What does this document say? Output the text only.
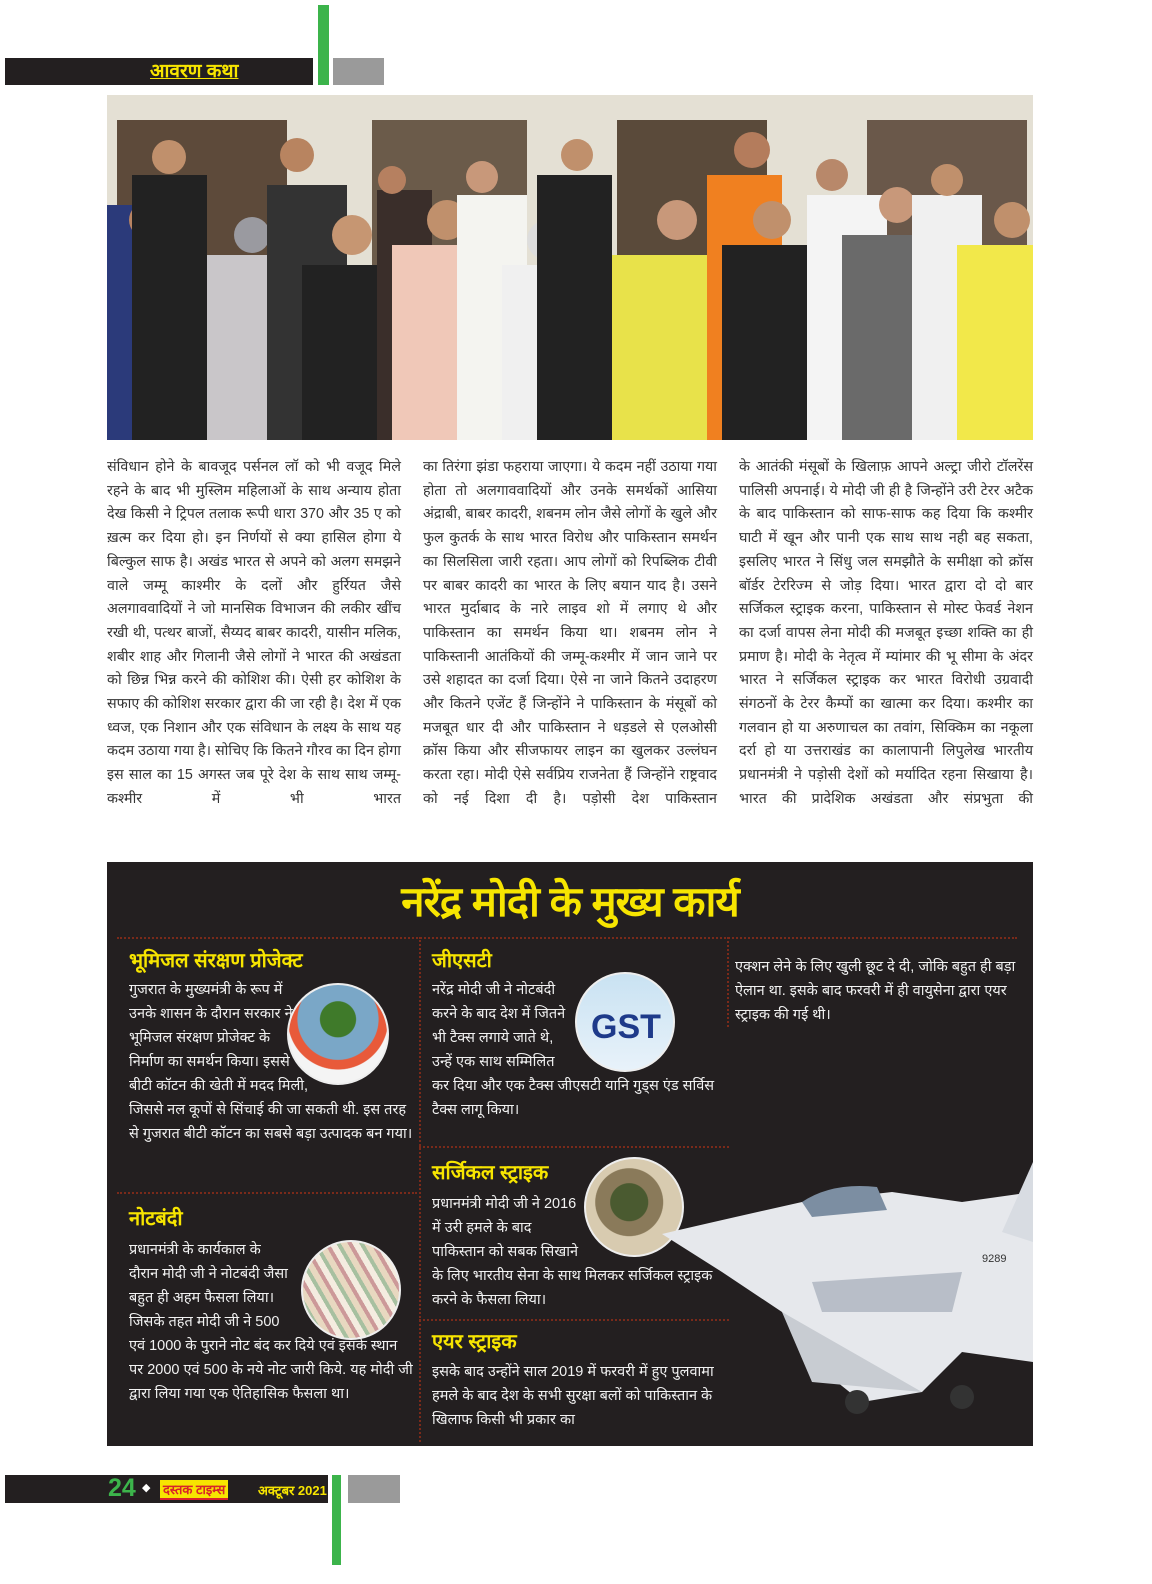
आवरण कथा
संविधान होने के बावजूद पर्सनल लॉ को भी वजूद मिले रहने के बाद भी मुस्लिम महिलाओं के साथ अन्याय होता देख किसी ने ट्रिपल तलाक रूपी धारा 370 और 35 ए को ख़त्म कर दिया हो। इन निर्णयों से क्या हासिल होगा ये बिल्कुल साफ है। अखंड भारत से अपने को अलग समझने वाले जम्मू काश्मीर के दलों और हुर्रियत जैसे अलगाववादियों ने जो मानसिक विभाजन की लकीर खींच रखी थी, पत्थर बाजों, सैय्यद बाबर कादरी, यासीन मलिक, शबीर शाह और गिलानी जैसे लोगों ने भारत की अखंडता को छिन्न भिन्न करने की कोशिश की। ऐसी हर कोशिश के सफाए की कोशिश सरकार द्वारा की जा रही है। देश में एक ध्वज, एक निशान और एक संविधान के लक्ष्य के साथ यह कदम उठाया गया है। सोचिए कि कितने गौरव का दिन होगा इस साल का 15 अगस्त जब पूरे देश के साथ साथ जम्मू-कश्मीर में भी भारत
का तिरंगा झंडा फहराया जाएगा। ये कदम नहीं उठाया गया होता तो अलगाववादियों और उनके समर्थकों आसिया अंद्राबी, बाबर कादरी, शबनम लोन जैसे लोगों के खुले और फुल कुतर्क के साथ भारत विरोध और पाकिस्तान समर्थन का सिलसिला जारी रहता। आप लोगों को रिपब्लिक टीवी पर बाबर कादरी का भारत के लिए बयान याद है। उसने भारत मुर्दाबाद के नारे लाइव शो में लगाए थे और पाकिस्तान का समर्थन किया था। शबनम लोन ने पाकिस्तानी आतंकियों की जम्मू-कश्मीर में जान जाने पर उसे शहादत का दर्जा दिया। ऐसे ना जाने कितने उदाहरण और कितने एजेंट हैं जिन्होंने ने पाकिस्तान के मंसूबों को मजबूत धार दी और पाकिस्तान ने धड़डले से एलओसी क्रॉस किया और सीजफायर लाइन का खुलकर उल्लंघन करता रहा। मोदी ऐसे सर्वप्रिय राजनेता हैं जिन्होंने राष्ट्रवाद को नई दिशा दी है। पड़ोसी देश पाकिस्तान
के आतंकी मंसूबों के खिलाफ़ आपने अल्ट्रा जीरो टॉलरेंस पालिसी अपनाई। ये मोदी जी ही है जिन्होंने उरी टेरर अटैक के बाद पाकिस्तान को साफ-साफ कह दिया कि कश्मीर घाटी में खून और पानी एक साथ साथ नही बह सकता, इसलिए भारत ने सिंधु जल समझौते के समीक्षा को क्रॉस बॉर्डर टेररिज्म से जोड़ दिया। भारत द्वारा दो दो बार सर्जिकल स्ट्राइक करना, पाकिस्तान से मोस्ट फेवर्ड नेशन का दर्जा वापस लेना मोदी की मजबूत इच्छा शक्ति का ही प्रमाण है। मोदी के नेतृत्व में म्यांमार की भू सीमा के अंदर भारत ने सर्जिकल स्ट्राइक कर भारत विरोधी उग्रवादी संगठनों के टेरर कैम्पों का खात्मा कर दिया। कश्मीर का गलवान हो या अरुणाचल का तवांग, सिक्किम का नकूला दर्रा हो या उत्तराखंड का कालापानी लिपुलेख भारतीय प्रधानमंत्री ने पड़ोसी देशों को मर्यादित रहना सिखाया है। भारत की प्रादेशिक अखंडता और संप्रभुता की
नरेंद्र मोदी के मुख्य कार्य
भूमिजल संरक्षण प्रोजेक्ट
गुजरात के मुख्यमंत्री के रूप में उनके शासन के दौरान सरकार ने भूमिजल संरक्षण प्रोजेक्ट के निर्माण का समर्थन किया। इससे बीटी कॉटन की खेती में मदद मिली, जिससे नल कूपों से सिंचाई की जा सकती थी. इस तरह से गुजरात बीटी कॉटन का सबसे बड़ा उत्पादक बन गया।
नोटबंदी
प्रधानमंत्री के कार्यकाल के दौरान मोदी जी ने नोटबंदी जैसा बहुत ही अहम फैसला लिया। जिसके तहत मोदी जी ने 500 एवं 1000 के पुराने नोट बंद कर दिये एवं इसके स्थान पर 2000 एवं 500 के नये नोट जारी किये. यह मोदी जी द्वारा लिया गया एक ऐतिहासिक फैसला था।
जीएसटी
GST
नरेंद्र मोदी जी ने नोटबंदी करने के बाद देश में जितने भी टैक्स लगाये जाते थे, उन्हें एक साथ सम्मिलित कर दिया और एक टैक्स जीएसटी यानि गुड्स एंड सर्विस टैक्स लागू किया।
सर्जिकल स्ट्राइक
प्रधानमंत्री मोदी जी ने 2016 में उरी हमले के बाद पाकिस्तान को सबक सिखाने के लिए भारतीय सेना के साथ मिलकर सर्जिकल स्ट्राइक करने के फैसला लिया।
एयर स्ट्राइक
इसके बाद उन्होंने साल 2019 में फरवरी में हुए पुलवामा हमले के बाद देश के सभी सुरक्षा बलों को पाकिस्तान के खिलाफ किसी भी प्रकार का
एक्शन लेने के लिए खुली छूट दे दी, जोकि बहुत ही बड़ा ऐलान था. इसके बाद फरवरी में ही वायुसेना द्वारा एयर स्ट्राइक की गई थी।
9289
24 ◆ दस्तक टाइम्स	अक्टूबर 2021
